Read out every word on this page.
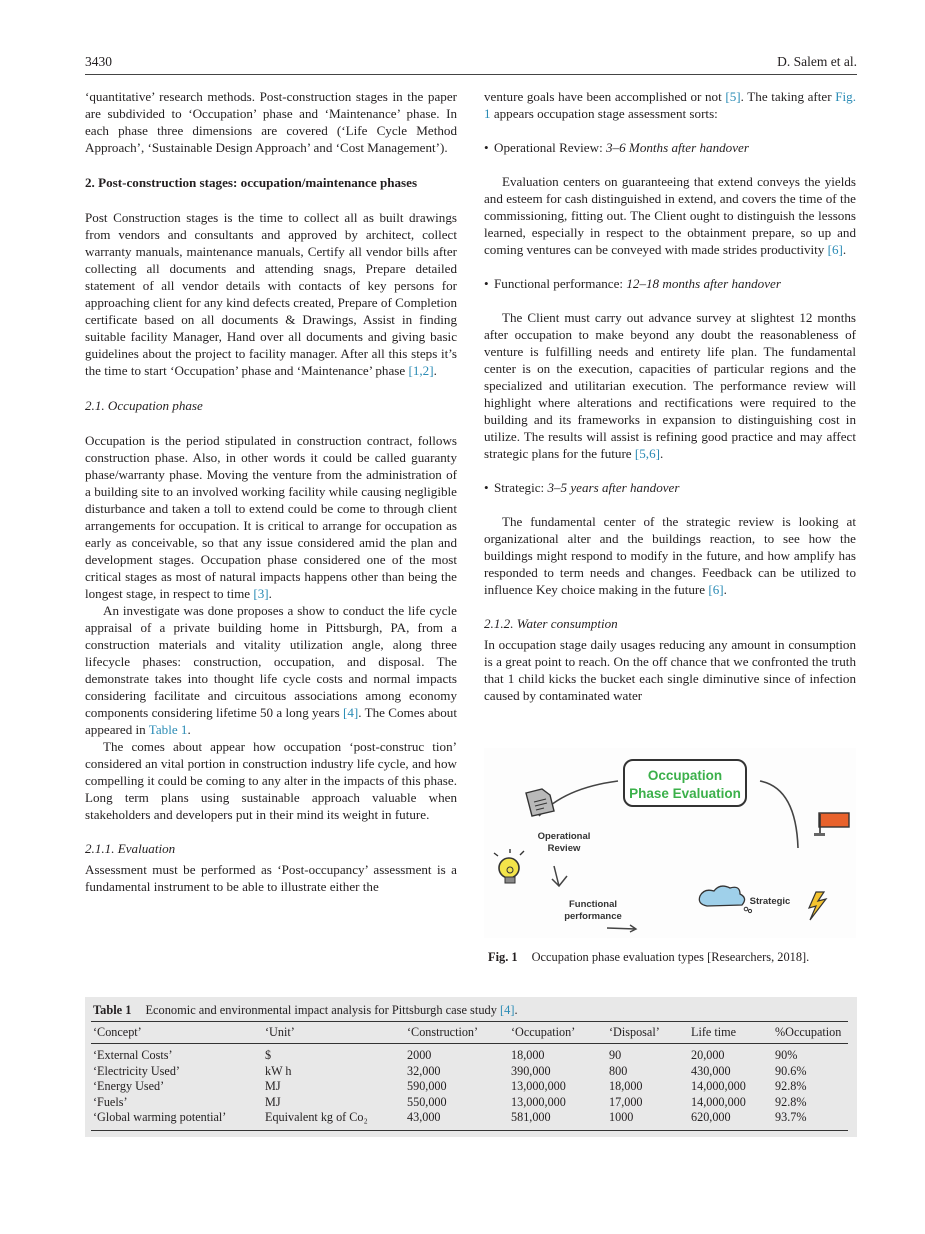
3430	D. Salem et al.

‘quantitative’ research methods. Post-construction stages in the paper are subdivided to ‘Occupation’ phase and ‘Maintenance’ phase. In each phase three dimensions are covered (‘Life Cycle Method Approach’, ‘Sustainable Design Approach’ and ‘Cost Management’).

2. Post-construction stages: occupation/maintenance phases

Post Construction stages is the time to collect all as built drawings from vendors and consultants and approved by architect, collect warranty manuals, maintenance manuals, Certify all vendor bills after collecting all documents and attending snags, Prepare detailed statement of all vendor details with contacts of key persons for approaching client for any kind defects created, Prepare of Completion certificate based on all documents & Drawings, Assist in finding suitable facility Manager, Hand over all documents and giving basic guidelines about the project to facility manager. After all this steps it’s the time to start ‘Occupation’ phase and ‘Maintenance’ phase [1,2].

2.1. Occupation phase

Occupation is the period stipulated in construction contract, follows construction phase. Also, in other words it could be called guaranty phase/warranty phase. Moving the venture from the administration of a building site to an involved working facility while causing negligible disturbance and taken a toll to extend could be come to through client arrangements for occupation. It is critical to arrange for occupation as early as conceivable, so that any issue considered amid the plan and development stages. Occupation phase considered one of the most critical stages as most of natural impacts happens other than being the longest stage, in respect to time [3].

An investigate was done proposes a show to conduct the life cycle appraisal of a private building home in Pittsburgh, PA, from a construction materials and vitality utilization angle, along three lifecycle phases: construction, occupation, and disposal. The demonstrate takes into thought life cycle costs and normal impacts considering facilitate and circuitous associations among economy components considering lifetime 50 a long years [4]. The Comes about appeared in Table 1.

The comes about appear how occupation ‘post-construc tion’ considered an vital portion in construction industry life cycle, and how compelling it could be coming to any alter in the impacts of this phase. Long term plans using sustainable approach valuable when stakeholders and developers put in their mind its weight in future.

2.1.1. Evaluation

Assessment must be performed as ‘Post-occupancy’ assessment is a fundamental instrument to be able to illustrate either the

venture goals have been accomplished or not [5]. The taking after Fig. 1 appears occupation stage assessment sorts:

• Operational Review: 3–6 Months after handover

Evaluation centers on guaranteeing that extend conveys the yields and esteem for cash distinguished in extend, and covers the time of the commissioning, fitting out. The Client ought to distinguish the lessons learned, especially in respect to the obtainment prepare, so up and coming ventures can be conveyed with made strides productivity [6].

• Functional performance: 12–18 months after handover

The Client must carry out advance survey at slightest 12 months after occupation to make beyond any doubt the reasonableness of venture is fulfilling needs and entirety life plan. The fundamental center is on the execution, capacities of particular regions and the specialized and utilitarian execution. The performance review will highlight where alterations and rectifications were required to the building and its frameworks in expansion to distinguishing cost in utilize. The results will assist is refining good practice and may affect strategic plans for the future [5,6].

• Strategic: 3–5 years after handover

The fundamental center of the strategic review is looking at organizational alter and the buildings reaction, to see how the buildings might respond to modify in the future, and how amplify has responded to term needs and changes. Feedback can be utilized to influence Key choice making in the future [6].

2.1.2. Water consumption

In occupation stage daily usages reducing any amount in consumption is a great point to reach. On the off chance that we confronted the truth that 1 child kicks the bucket each single diminutive since of infection caused by contaminated water

Occupation
Phase Evaluation
Operational
Review
Functional
performance
Strategic
Fig. 1 Occupation phase evaluation types [Researchers, 2018].
Table 1 Economic and environmental impact analysis for Pittsburgh case study [4].
‘Concept’	‘Unit’	‘Construction’	‘Occupation’	‘Disposal’	Life time	%Occupation
‘External Costs’	$	2000	18,000	90	20,000	90%
‘Electricity Used’	kW h	32,000	390,000	800	430,000	90.6%
‘Energy Used’	MJ	590,000	13,000,000	18,000	14,000,000	92.8%
‘Fuels’	MJ	550,000	13,000,000	17,000	14,000,000	92.8%
‘Global warming potential’	Equivalent kg of Co₂	43,000	581,000	1000	620,000	93.7%
